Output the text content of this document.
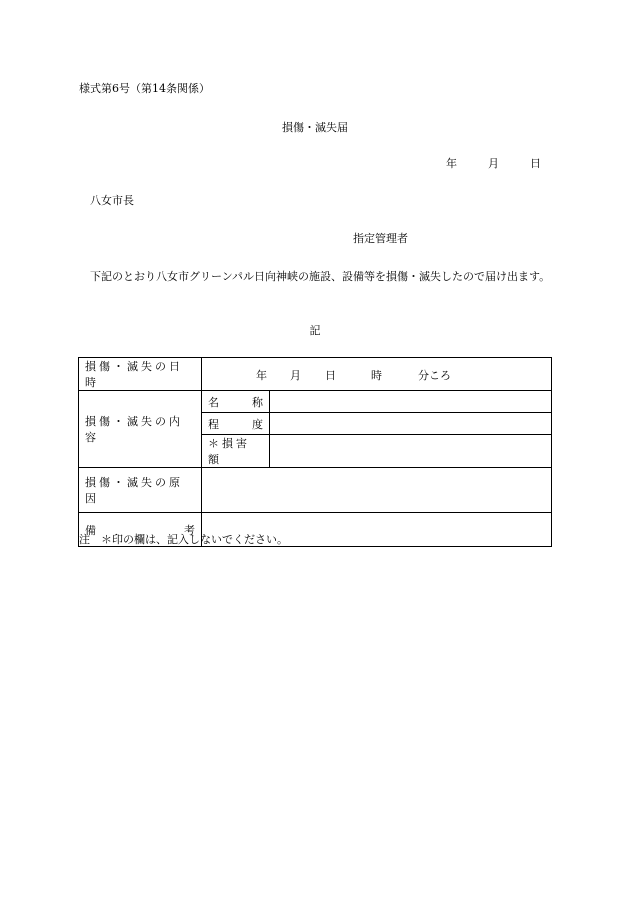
様式第6号（第14条関係）
損傷・滅失届
年	月	日
八女市長
指定管理者
下記のとおり八女市グリーンパル日向神峡の施設、設備等を損傷・滅失したので届け出ます。
記
損傷・滅失の日時	年 月 日 時 分ころ	

損傷・滅失の内容	名 称	

	程 度	

	＊損害額	
損傷・滅失の原因		

備 考		

注　＊印の欄は、記入しないでください。
